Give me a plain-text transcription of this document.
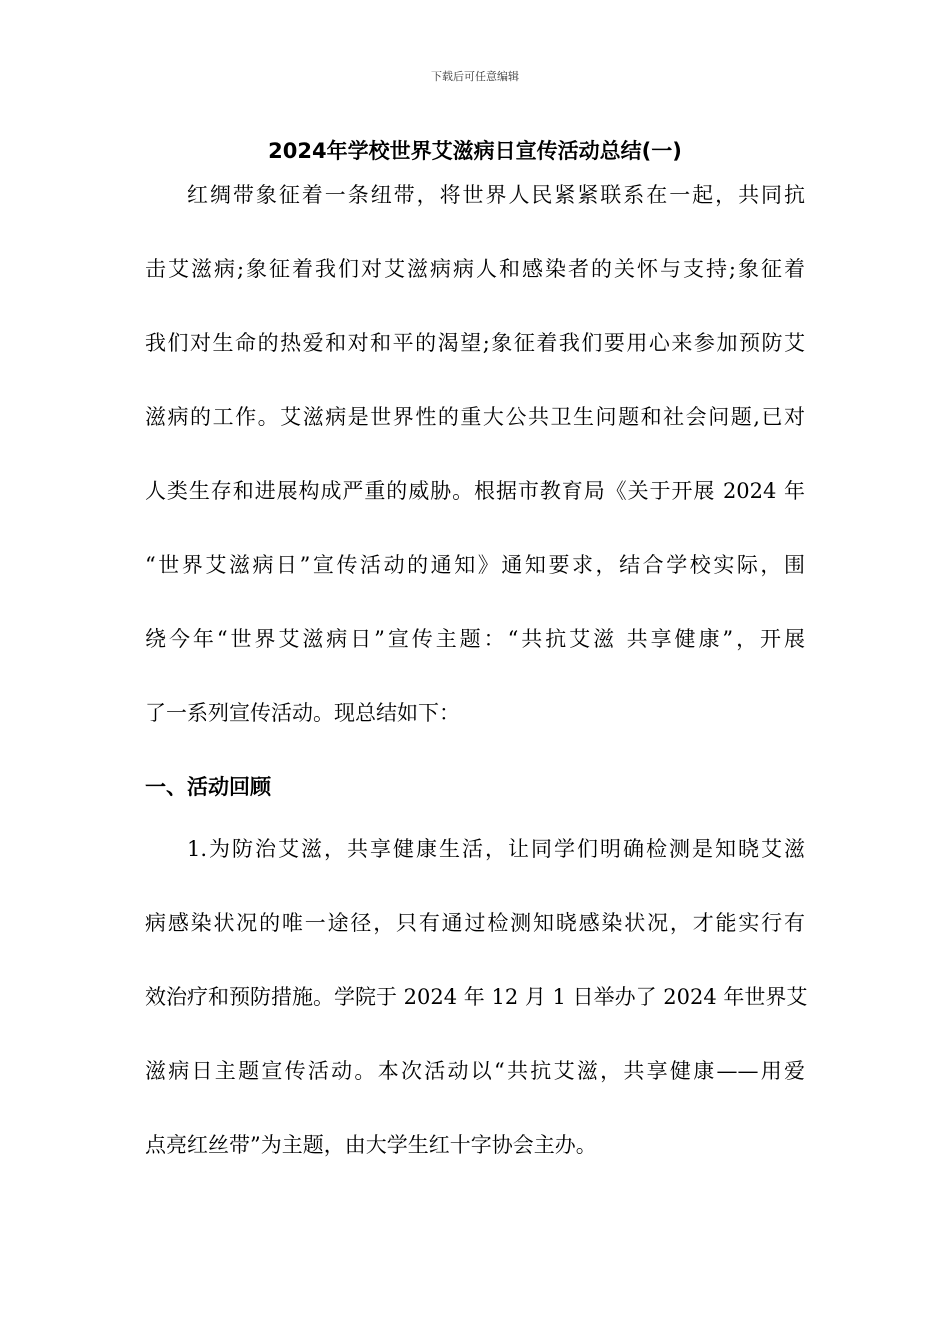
下载后可任意编辑
2024年学校世界艾滋病日宣传活动总结(一)
红绸带象征着一条纽带，将世界人民紧紧联系在一起，共同抗
击艾滋病;象征着我们对艾滋病病人和感染者的关怀与支持;象征着
我们对生命的热爱和对和平的渴望;象征着我们要用心来参加预防艾
滋病的工作。艾滋病是世界性的重大公共卫生问题和社会问题,已对
人类生存和进展构成严重的威胁。根据市教育局《关于开展 2024 年
“世界艾滋病日”宣传活动的通知》通知要求，结合学校实际，围
绕今年“世界艾滋病日”宣传主题：“共抗艾滋 共享健康”，开展
了一系列宣传活动。现总结如下：
一、活动回顾
1.为防治艾滋，共享健康生活，让同学们明确检测是知晓艾滋
病感染状况的唯一途径，只有通过检测知晓感染状况，才能实行有
效治疗和预防措施。学院于 2024 年 12 月 1 日举办了 2024 年世界艾
滋病日主题宣传活动。本次活动以“共抗艾滋，共享健康——用爱
点亮红丝带”为主题，由大学生红十字协会主办。
